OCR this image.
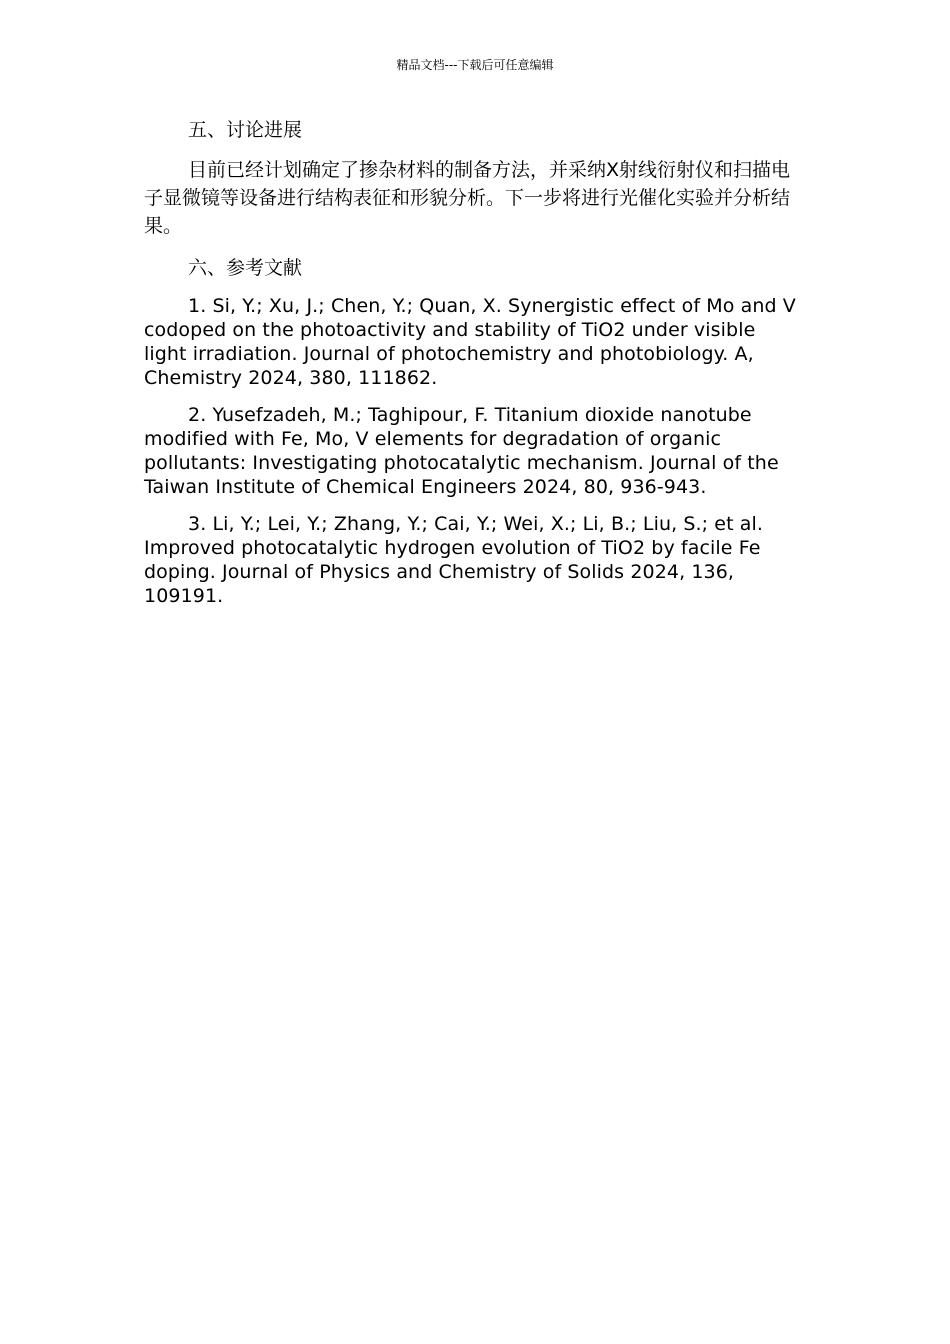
精品文档---下载后可任意编辑
五、讨论进展

目前已经计划确定了掺杂材料的制备方法，并采纳X射线衍射仪和扫描电子显微镜等设备进行结构表征和形貌分析。下一步将进行光催化实验并分析结果。

六、参考文献

1. Si, Y.; Xu, J.; Chen, Y.; Quan, X. Synergistic effect of Mo and V codoped on the photoactivity and stability of TiO2 under visible light irradiation. Journal of photochemistry and photobiology. A, Chemistry 2024, 380, 111862.

2. Yusefzadeh, M.; Taghipour, F. Titanium dioxide nanotube modified with Fe, Mo, V elements for degradation of organic pollutants: Investigating photocatalytic mechanism. Journal of the Taiwan Institute of Chemical Engineers 2024, 80, 936-943.

3. Li, Y.; Lei, Y.; Zhang, Y.; Cai, Y.; Wei, X.; Li, B.; Liu, S.; et al. Improved photocatalytic hydrogen evolution of TiO2 by facile Fe doping. Journal of Physics and Chemistry of Solids 2024, 136, 109191.
